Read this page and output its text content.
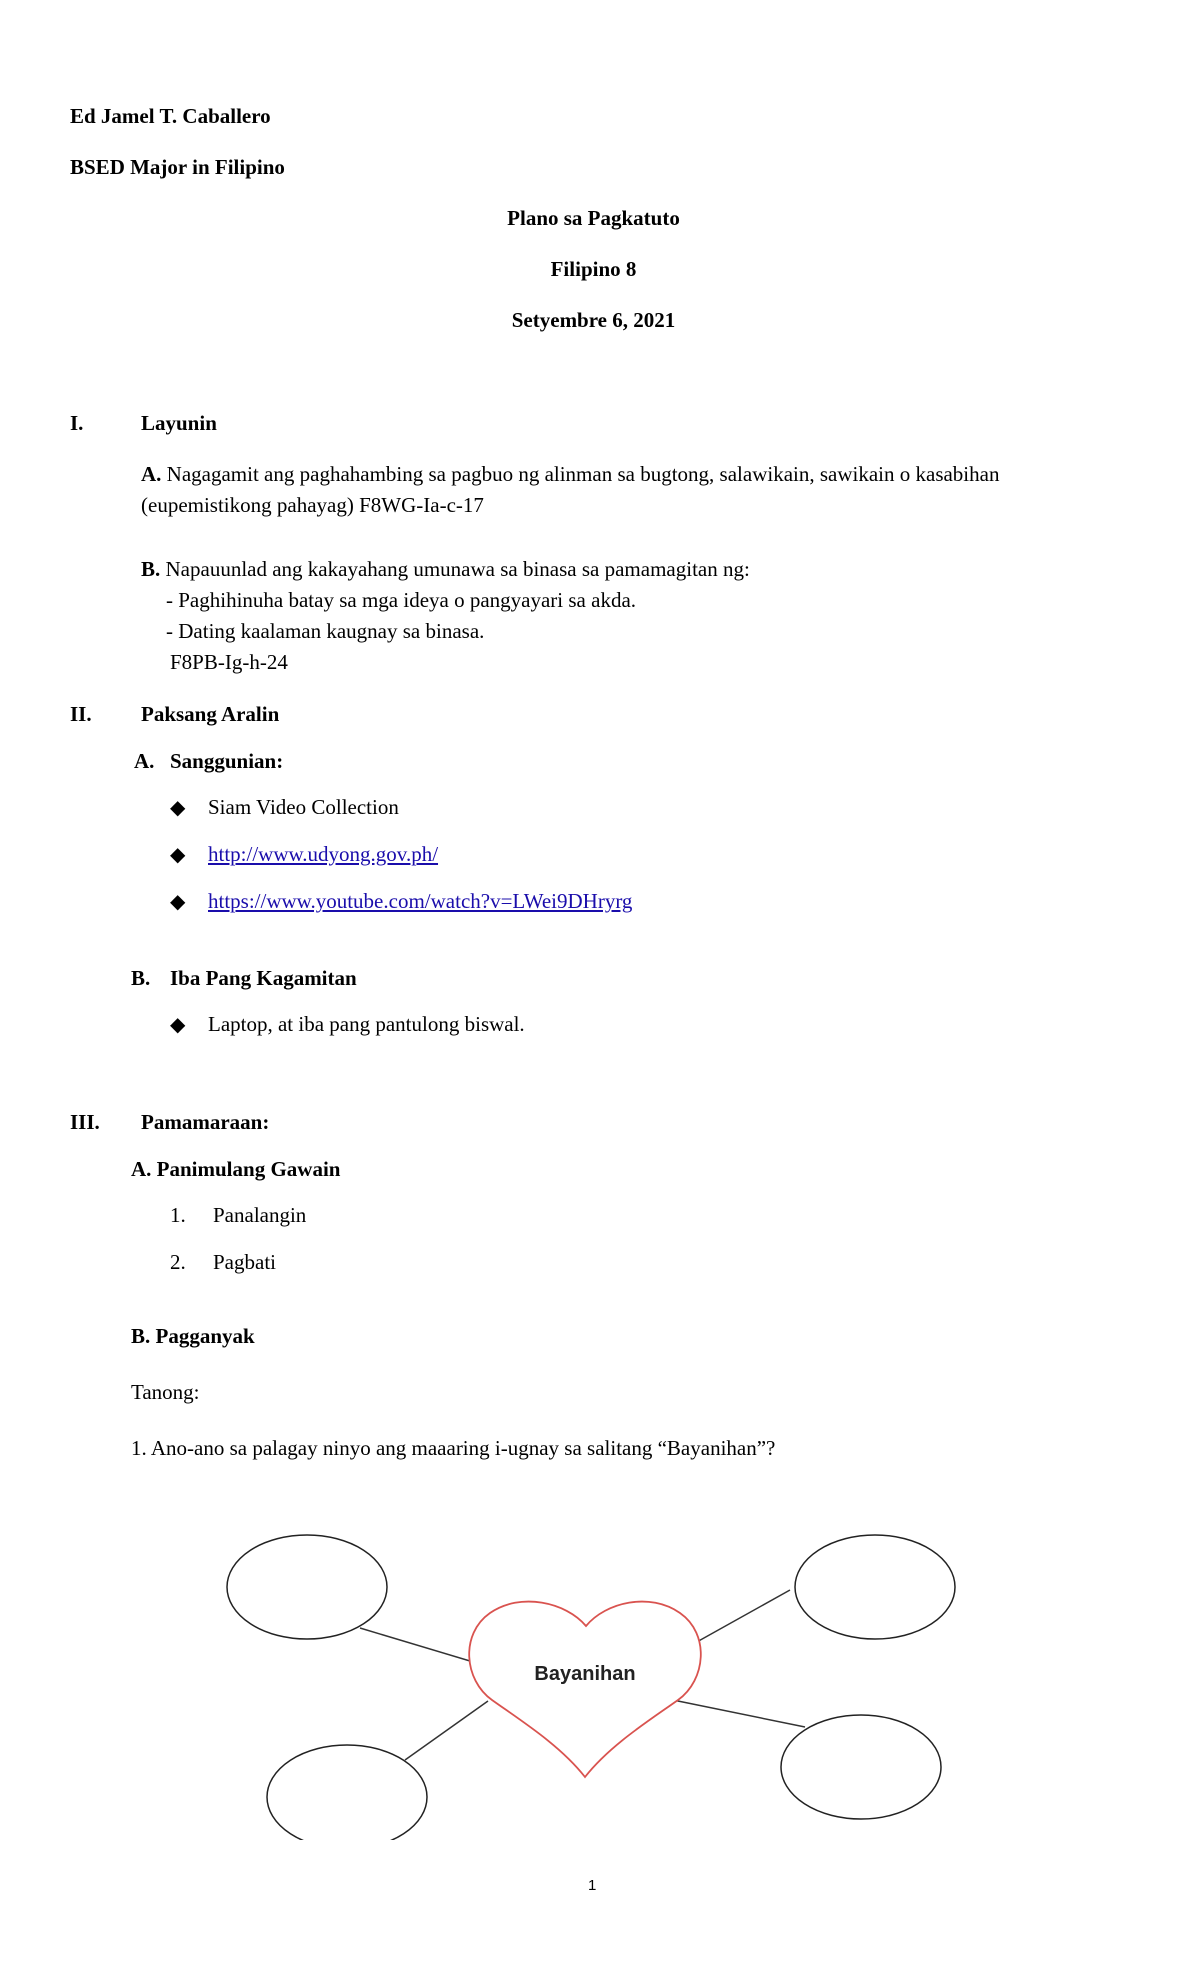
Ed Jamel T. Caballero
BSED Major in Filipino
Plano sa Pagkatuto
Filipino 8
Setyembre 6, 2021
I.	Layunin
A. Nagagamit ang paghahambing sa pagbuo ng alinman sa bugtong, salawikain, sawikain o kasabihan
(eupemistikong pahayag) F8WG-Ia-c-17
B. Napauunlad ang kakayahang umunawa sa binasa sa pamamagitan ng:
- Paghihinuha batay sa mga ideya o pangyayari sa akda.
- Dating kaalaman kaugnay sa binasa.
F8PB-Ig-h-24
II. Paksang Aralin
A. Sanggunian:
◆ Siam Video Collection
◆ http://www.udyong.gov.ph/
◆ https://www.youtube.com/watch?v=LWei9DHryrg
B. Iba Pang Kagamitan
◆ Laptop, at iba pang pantulong biswal.
III. Pamamaraan:
A. Panimulang Gawain
1. Panalangin
2. Pagbati
B. Pagganyak
Tanong:
1. Ano-ano sa palagay ninyo ang maaaring i-ugnay sa salitang “Bayanihan”?
Bayanihan
1
